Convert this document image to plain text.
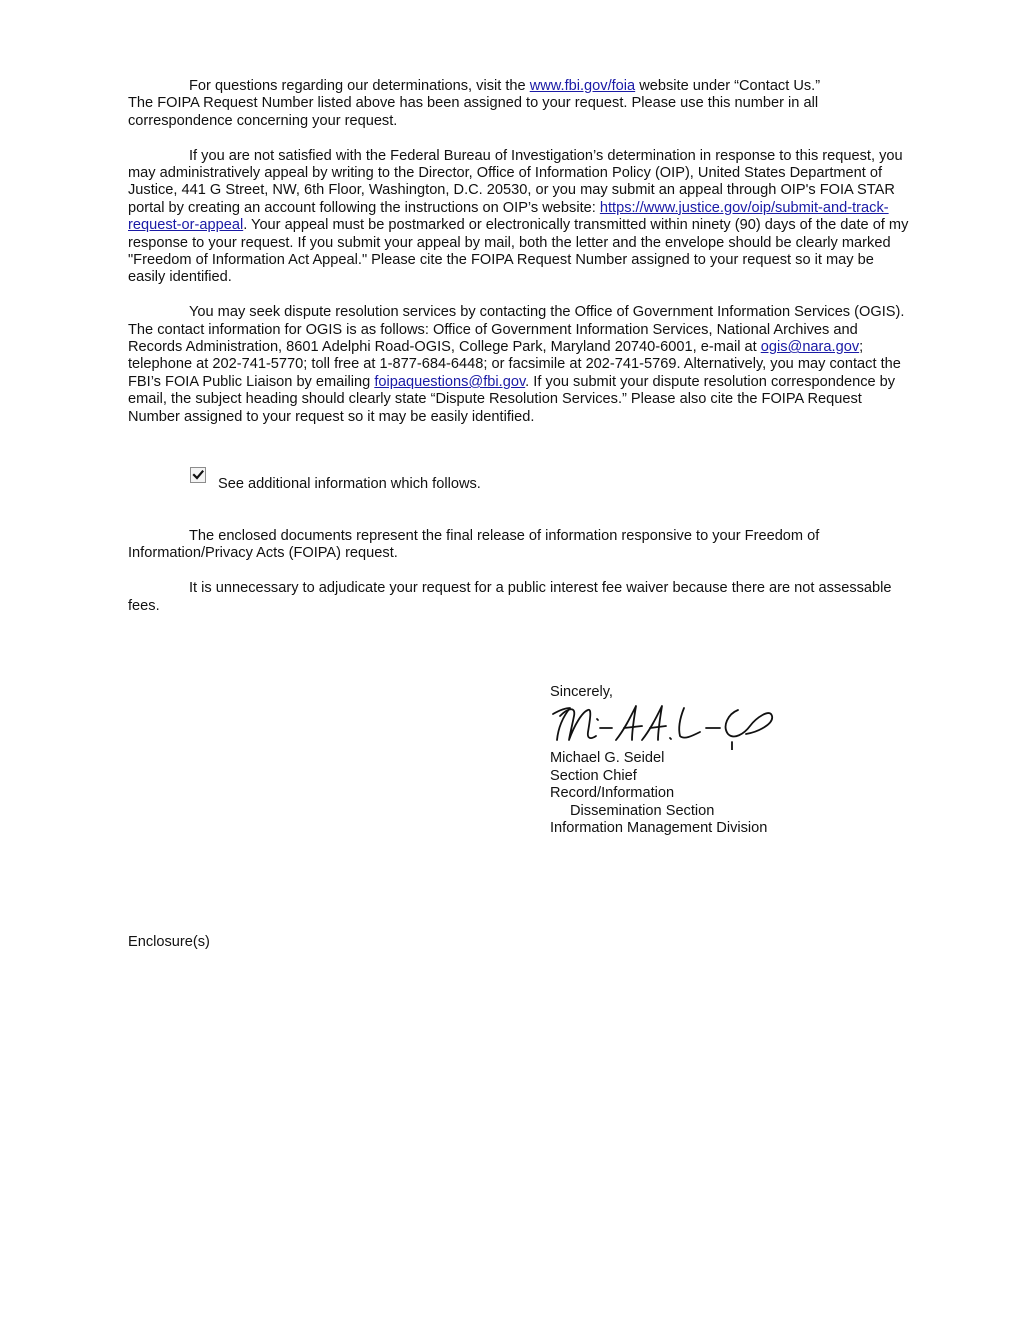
For questions regarding our determinations, visit the www.fbi.gov/foia website under “Contact Us.”

The FOIPA Request Number listed above has been assigned to your request. Please use this number in all correspondence concerning your request.

If you are not satisfied with the Federal Bureau of Investigation’s determination in response to this request, you may administratively appeal by writing to the Director, Office of Information Policy (OIP), United States Department of Justice, 441 G Street, NW, 6th Floor, Washington, D.C. 20530, or you may submit an appeal through OIP's FOIA STAR portal by creating an account following the instructions on OIP’s website: https://www.justice.gov/oip/submit-and-track-request-or-appeal. Your appeal must be postmarked or electronically transmitted within ninety (90) days of the date of my response to your request. If you submit your appeal by mail, both the letter and the envelope should be clearly marked "Freedom of Information Act Appeal." Please cite the FOIPA Request Number assigned to your request so it may be easily identified.

You may seek dispute resolution services by contacting the Office of Government Information Services (OGIS). The contact information for OGIS is as follows: Office of Government Information Services, National Archives and Records Administration, 8601 Adelphi Road-OGIS, College Park, Maryland 20740-6001, e-mail at ogis@nara.gov; telephone at 202-741-5770; toll free at 1-877-684-6448; or facsimile at 202-741-5769. Alternatively, you may contact the FBI’s FOIA Public Liaison by emailing foipaquestions@fbi.gov. If you submit your dispute resolution correspondence by email, the subject heading should clearly state “Dispute Resolution Services.” Please also cite the FOIPA Request Number assigned to your request so it may be easily identified.

See additional information which follows.

The enclosed documents represent the final release of information responsive to your Freedom of Information/Privacy Acts (FOIPA) request.

It is unnecessary to adjudicate your request for a public interest fee waiver because there are not assessable fees.

Sincerely,

Michael G. Seidel

Section Chief

Record/Information

Dissemination Section

Information Management Division

Enclosure(s)
